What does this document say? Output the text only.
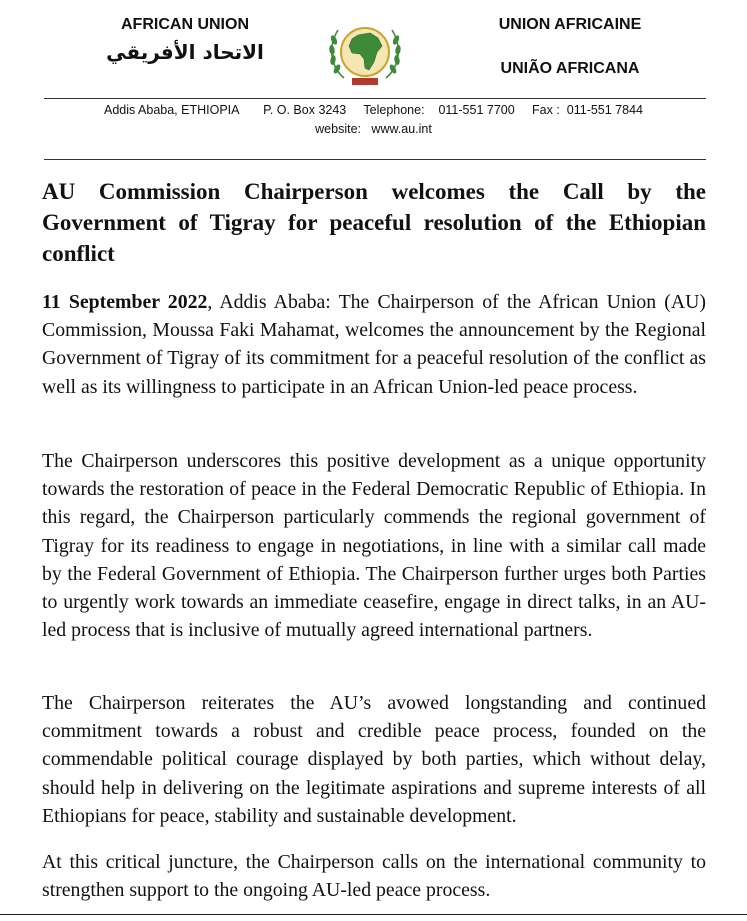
AFRICAN UNION
الاتحاد الأفريقي
UNION AFRICAINE
UNIÃO AFRICANA
Addis Ababa, ETHIOPIA       P. O. Box 3243     Telephone:    011-551 7700     Fax :  011-551 7844
website:   www.au.int
AU Commission Chairperson welcomes the Call by the Government of Tigray for peaceful resolution of the Ethiopian conflict
11 September 2022, Addis Ababa: The Chairperson of the African Union (AU) Commission, Moussa Faki Mahamat, welcomes the announcement by the Regional Government of Tigray of its commitment for a peaceful resolution of the conflict as well as its willingness to participate in an African Union-led peace process.
The Chairperson underscores this positive development as a unique opportunity towards the restoration of peace in the Federal Democratic Republic of Ethiopia. In this regard, the Chairperson particularly commends the regional government of Tigray for its readiness to engage in negotiations, in line with a similar call made by the Federal Government of Ethiopia. The Chairperson further urges both Parties to urgently work towards an immediate ceasefire, engage in direct talks, in an AU-led process that is inclusive of mutually agreed international partners.
The Chairperson reiterates the AU’s avowed longstanding and continued commitment towards a robust and credible peace process, founded on the commendable political courage displayed by both parties, which without delay, should help in delivering on the legitimate aspirations and supreme interests of all Ethiopians for peace, stability and sustainable development.
At this critical juncture, the Chairperson calls on the international community to strengthen support to the ongoing AU-led peace process.
